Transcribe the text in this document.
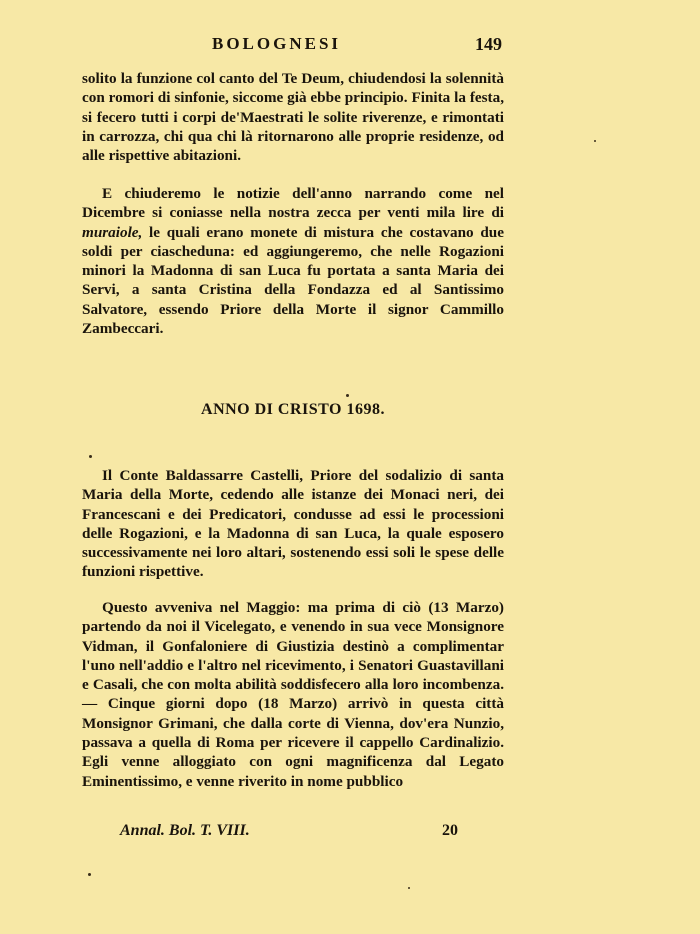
BOLOGNESI	149

solito la funzione col canto del Te Deum, chiudendosi la solennità con romori di sinfonie, siccome già ebbe principio. Finita la festa, si fecero tutti i corpi de'Maestrati le solite riverenze, e rimontati in carrozza, chi qua chi là ritornarono alle proprie residenze, od alle rispettive abitazioni.

E chiuderemo le notizie dell'anno narrando come nel Dicembre si coniasse nella nostra zecca per venti mila lire di muraiole, le quali erano monete di mistura che costavano due soldi per ciascheduna: ed aggiungeremo, che nelle Rogazioni minori la Madonna di san Luca fu portata a santa Maria dei Servi, a santa Cristina della Fondazza ed al Santissimo Salvatore, essendo Priore della Morte il signor Cammillo Zambeccari.

ANNO DI CRISTO 1698.

Il Conte Baldassarre Castelli, Priore del sodalizio di santa Maria della Morte, cedendo alle istanze dei Monaci neri, dei Francescani e dei Predicatori, condusse ad essi le processioni delle Rogazioni, e la Madonna di san Luca, la quale esposero successivamente nei loro altari, sostenendo essi soli le spese delle funzioni rispettive.

Questo avveniva nel Maggio: ma prima di ciò (13 Marzo) partendo da noi il Vicelegato, e venendo in sua vece Monsignore Vidman, il Gonfaloniere di Giustizia destinò a complimentar l'uno nell'addio e l'altro nel ricevimento, i Senatori Guastavillani e Casali, che con molta abilità soddisfecero alla loro incombenza. — Cinque giorni dopo (18 Marzo) arrivò in questa città Monsignor Grimani, che dalla corte di Vienna, dov'era Nunzio, passava a quella di Roma per ricevere il cappello Cardinalizio. Egli venne alloggiato con ogni magnificenza dal Legato Eminentissimo, e venne riverito in nome pubblico

Annal. Bol. T. VIII.	20
